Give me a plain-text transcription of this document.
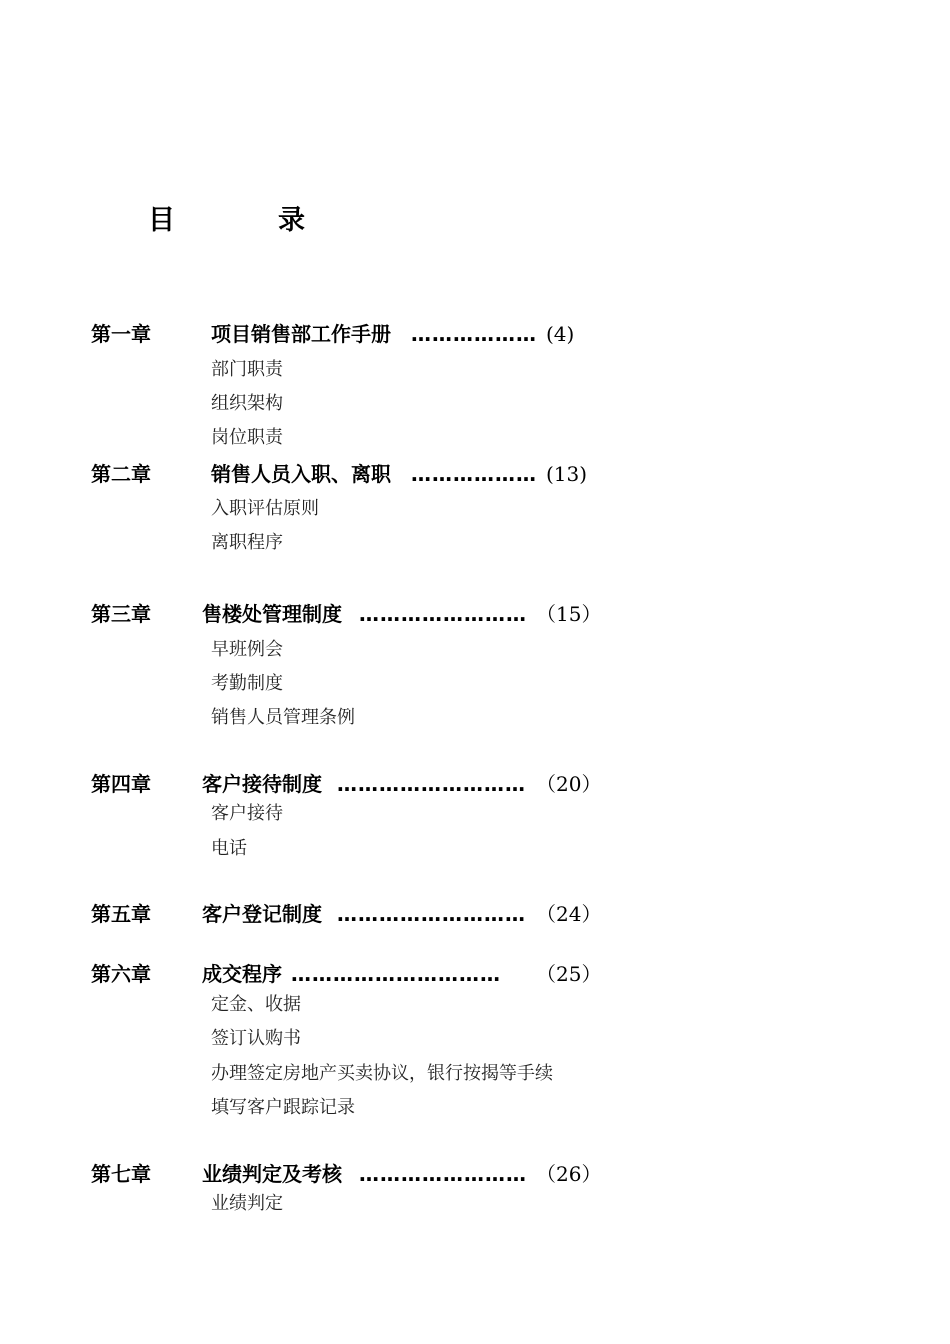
目	录
第一章	项目销售部工作手册 ……………… (4)
部门职责
组织架构
岗位职责
第二章	销售人员入职、离职 ……………… (13)
入职评估原则
离职程序
第三章	售楼处管理制度 …………………… （15）
早班例会
考勤制度
销售人员管理条例
第四章	客户接待制度 ……………………… （20）
客户接待
电话
第五章	客户登记制度 ……………………… （24）
第六章	成交程序 ………………………… （25）
定金、收据
签订认购书
办理签定房地产买卖协议，银行按揭等手续
填写客户跟踪记录
第七章	业绩判定及考核 …………………… （26）
业绩判定
